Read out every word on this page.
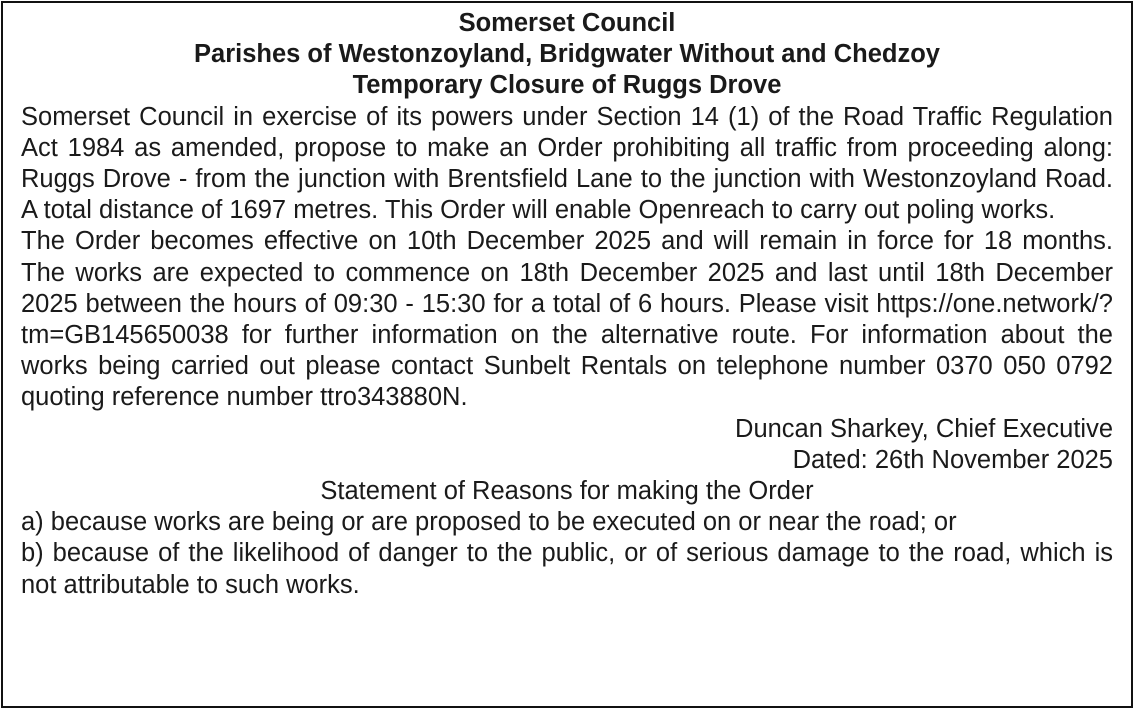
Somerset Council
Parishes of Westonzoyland, Bridgwater Without and Chedzoy
Temporary Closure of Ruggs Drove

Somerset Council in exercise of its powers under Section 14 (1) of the Road Traffic Regulation Act 1984 as amended, propose to make an Order prohibiting all traffic from proceeding along: Ruggs Drove - from the junction with Brentsfield Lane to the junction with Westonzoyland Road. A total distance of 1697 metres. This Order will enable Openreach to carry out poling works.

The Order becomes effective on 10th December 2025 and will remain in force for 18 months. The works are expected to commence on 18th December 2025 and last until 18th December 2025 between the hours of 09:30 - 15:30 for a total of 6 hours. Please visit https://one.network/?tm=GB145650038 for further information on the alternative route. For information about the works being carried out please contact Sunbelt Rentals on telephone number 0370 050 0792 quoting reference number ttro343880N.

Duncan Sharkey, Chief Executive

Dated: 26th November 2025

Statement of Reasons for making the Order

a) because works are being or are proposed to be executed on or near the road; or

b) because of the likelihood of danger to the public, or of serious damage to the road, which is not attributable to such works.
